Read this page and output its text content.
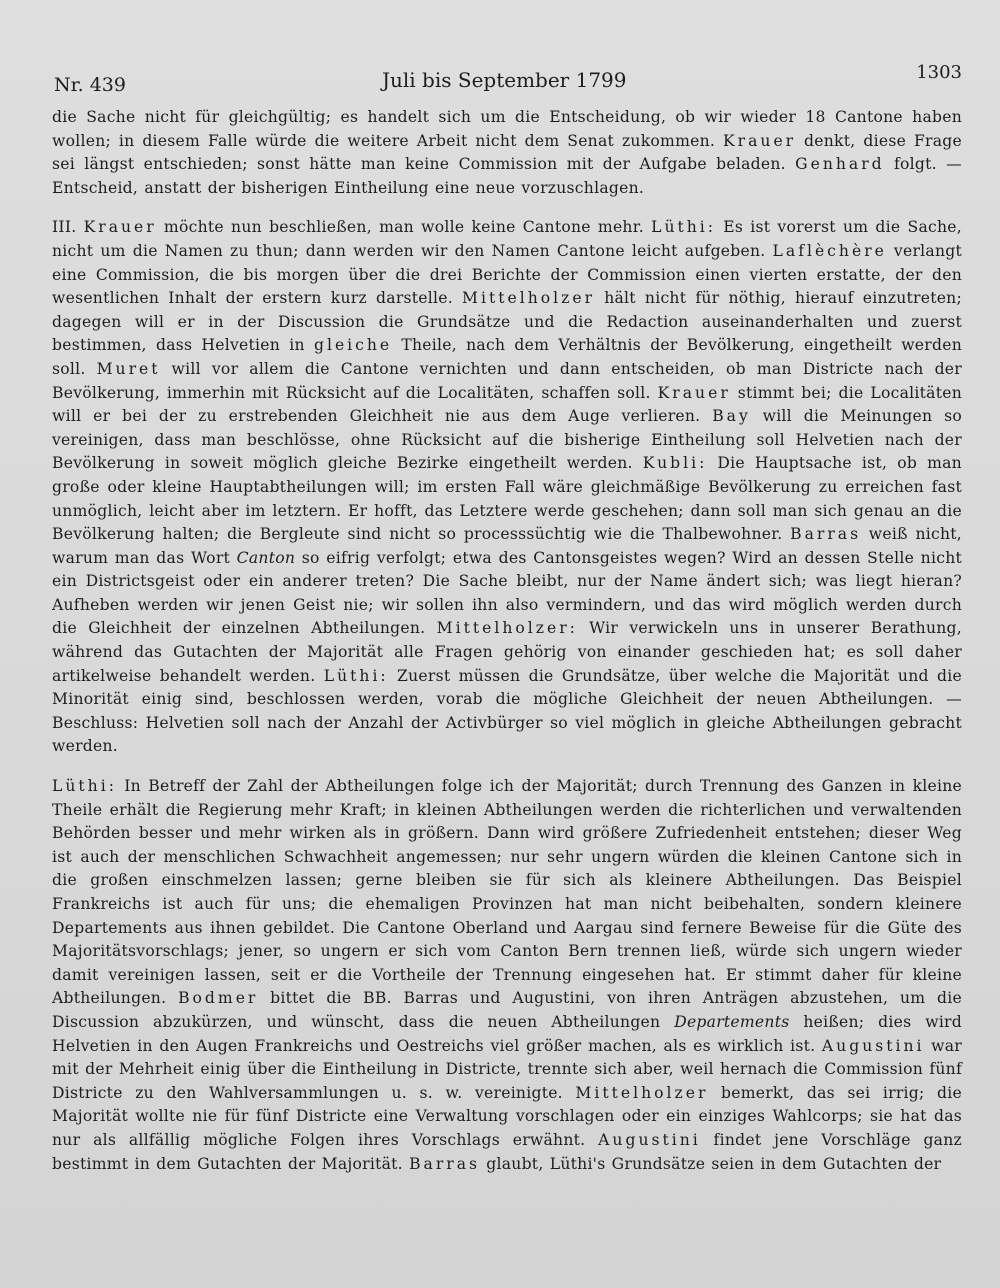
Nr. 439	Juli bis September 1799	1303

die Sache nicht für gleichgültig; es handelt sich um die Entscheidung, ob wir wieder 18 Cantone haben wollen; in diesem Falle würde die weitere Arbeit nicht dem Senat zukommen. Krauer denkt, diese Frage sei längst entschieden; sonst hätte man keine Commission mit der Aufgabe beladen. Genhard folgt. — Entscheid, anstatt der bisherigen Eintheilung eine neue vorzuschlagen.

III. Krauer möchte nun beschließen, man wolle keine Cantone mehr. Lüthi: Es ist vorerst um die Sache, nicht um die Namen zu thun; dann werden wir den Namen Cantone leicht aufgeben. Laflèchère verlangt eine Commission, die bis morgen über die drei Berichte der Commission einen vierten erstatte, der den wesentlichen Inhalt der erstern kurz darstelle. Mittelholzer hält nicht für nöthig, hierauf einzutreten; dagegen will er in der Discussion die Grundsätze und die Redaction auseinanderhalten und zuerst bestimmen, dass Helvetien in gleiche Theile, nach dem Verhältnis der Bevölkerung, eingetheilt werden soll. Muret will vor allem die Cantone vernichten und dann entscheiden, ob man Districte nach der Bevölkerung, immerhin mit Rücksicht auf die Localitäten, schaffen soll. Krauer stimmt bei; die Localitäten will er bei der zu erstrebenden Gleichheit nie aus dem Auge verlieren. Bay will die Meinungen so vereinigen, dass man beschlösse, ohne Rücksicht auf die bisherige Eintheilung soll Helvetien nach der Bevölkerung in soweit möglich gleiche Bezirke eingetheilt werden. Kubli: Die Hauptsache ist, ob man große oder kleine Hauptabtheilungen will; im ersten Fall wäre gleichmäßige Bevölkerung zu erreichen fast unmöglich, leicht aber im letztern. Er hofft, das Letztere werde geschehen; dann soll man sich genau an die Bevölkerung halten; die Bergleute sind nicht so processsüchtig wie die Thalbewohner. Barras weiß nicht, warum man das Wort Canton so eifrig verfolgt; etwa des Cantonsgeistes wegen? Wird an dessen Stelle nicht ein Districtsgeist oder ein anderer treten? Die Sache bleibt, nur der Name ändert sich; was liegt hieran? Aufheben werden wir jenen Geist nie; wir sollen ihn also vermindern, und das wird möglich werden durch die Gleichheit der einzelnen Abtheilungen. Mittelholzer: Wir verwickeln uns in unserer Berathung, während das Gutachten der Majorität alle Fragen gehörig von einander geschieden hat; es soll daher artikelweise behandelt werden. Lüthi: Zuerst müssen die Grundsätze, über welche die Majorität und die Minorität einig sind, beschlossen werden, vorab die mögliche Gleichheit der neuen Abtheilungen. — Beschluss: Helvetien soll nach der Anzahl der Activbürger so viel möglich in gleiche Abtheilungen gebracht werden.

Lüthi: In Betreff der Zahl der Abtheilungen folge ich der Majorität; durch Trennung des Ganzen in kleine Theile erhält die Regierung mehr Kraft; in kleinen Abtheilungen werden die richterlichen und verwaltenden Behörden besser und mehr wirken als in größern. Dann wird größere Zufriedenheit entstehen; dieser Weg ist auch der menschlichen Schwachheit angemessen; nur sehr ungern würden die kleinen Cantone sich in die großen einschmelzen lassen; gerne bleiben sie für sich als kleinere Abtheilungen. Das Beispiel Frankreichs ist auch für uns; die ehemaligen Provinzen hat man nicht beibehalten, sondern kleinere Departements aus ihnen gebildet. Die Cantone Oberland und Aargau sind fernere Beweise für die Güte des Majoritätsvorschlags; jener, so ungern er sich vom Canton Bern trennen ließ, würde sich ungern wieder damit vereinigen lassen, seit er die Vortheile der Trennung eingesehen hat. Er stimmt daher für kleine Abtheilungen. Bodmer bittet die BB. Barras und Augustini, von ihren Anträgen abzustehen, um die Discussion abzukürzen, und wünscht, dass die neuen Abtheilungen Departements heißen; dies wird Helvetien in den Augen Frankreichs und Oestreichs viel größer machen, als es wirklich ist. Augustini war mit der Mehrheit einig über die Eintheilung in Districte, trennte sich aber, weil hernach die Commission fünf Districte zu den Wahlversammlungen u. s. w. vereinigte. Mittelholzer bemerkt, das sei irrig; die Majorität wollte nie für fünf Districte eine Verwaltung vorschlagen oder ein einziges Wahlcorps; sie hat das nur als allfällig mögliche Folgen ihres Vorschlags erwähnt. Augustini findet jene Vorschläge ganz bestimmt in dem Gutachten der Majorität. Barras glaubt, Lüthi's Grundsätze seien in dem Gutachten der
